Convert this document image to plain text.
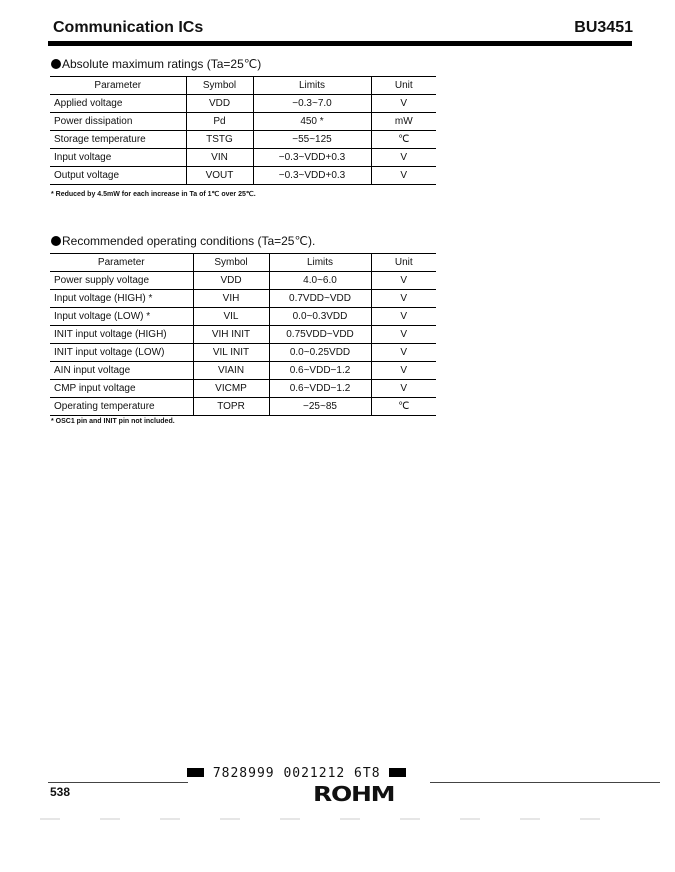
Communication ICs	BU3451
Absolute maximum ratings (Ta=25℃)
Parameter	Symbol	Limits	Unit
Applied voltage	VDD	−0.3~7.0	V
Power dissipation	Pd	450 *	mW
Storage temperature	TSTG	−55~125	℃
Input voltage	VIN	−0.3~VDD+0.3	V
Output voltage	VOUT	−0.3~VDD+0.3	V
* Reduced by 4.5mW for each increase in Ta of 1℃ over 25℃.
Recommended operating conditions (Ta=25℃).
Parameter	Symbol	Limits	Unit
Power supply voltage	VDD	4.0~6.0	V
Input voltage (HIGH) *	VIH	0.7VDD~VDD	V
Input voltage (LOW) *	VIL	0.0~0.3VDD	V
INIT input voltage (HIGH)	VIH INIT	0.75VDD~VDD	V
INIT input voltage (LOW)	VIL INIT	0.0~0.25VDD	V
AIN input voltage	VIAIN	0.6~VDD−1.2	V
CMP input voltage	VICMP	0.6~VDD−1.2	V
Operating temperature	TOPR	−25~85	℃
* OSC1 pin and INIT pin not included.
7828999 0021212 6T8
538	ROHM
